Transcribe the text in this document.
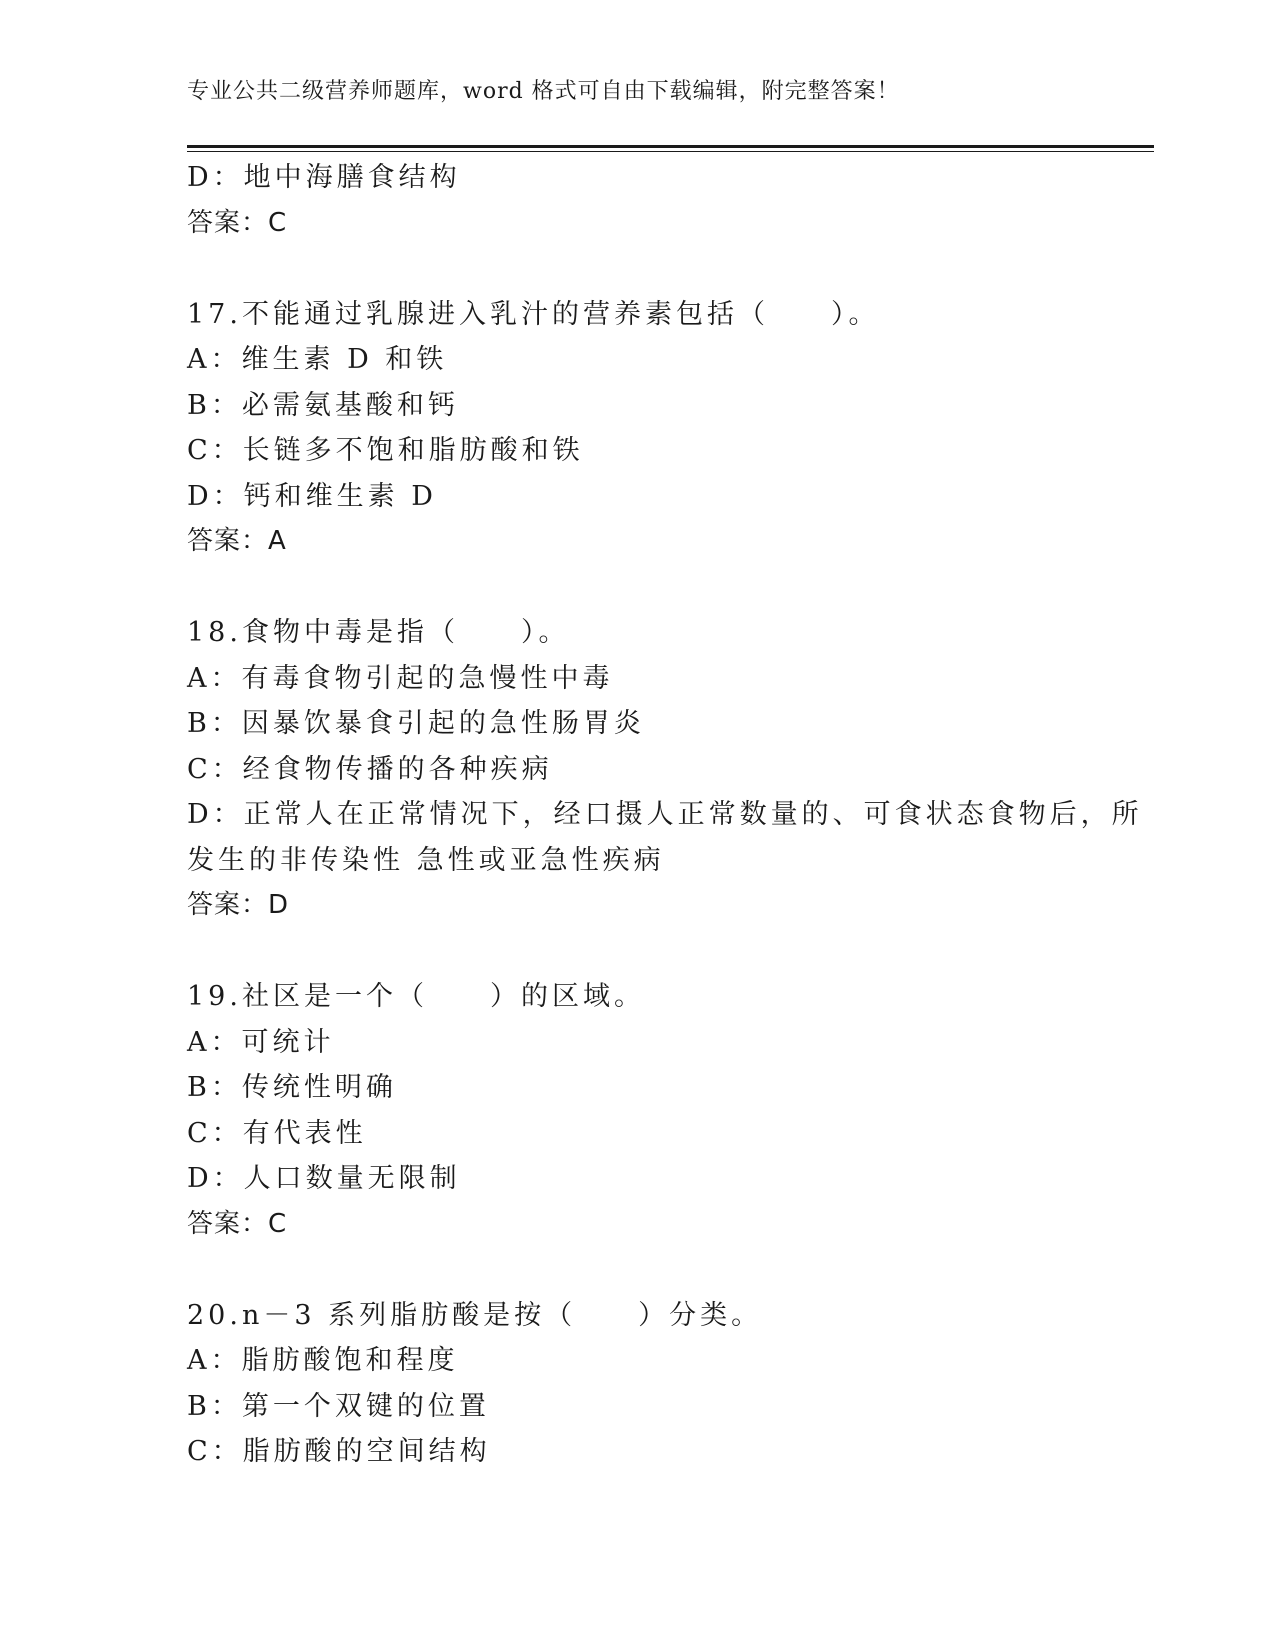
专业公共二级营养师题库，word 格式可自由下载编辑，附完整答案！
D：地中海膳食结构
答案：C
17.不能通过乳腺进入乳汁的营养素包括（　　）。
A：维生素 D 和铁
B：必需氨基酸和钙
C：长链多不饱和脂肪酸和铁
D：钙和维生素 D
答案：A
18.食物中毒是指（　　）。
A：有毒食物引起的急慢性中毒
B：因暴饮暴食引起的急性肠胃炎
C：经食物传播的各种疾病
D：正常人在正常情况下，经口摄人正常数量的、可食状态食物后，所
发生的非传染性 急性或亚急性疾病
答案：D
19.社区是一个（　　）的区域。
A：可统计
B：传统性明确
C：有代表性
D：人口数量无限制
答案：C
20.n－3 系列脂肪酸是按（　　）分类。
A：脂肪酸饱和程度
B：第一个双键的位置
C：脂肪酸的空间结构
